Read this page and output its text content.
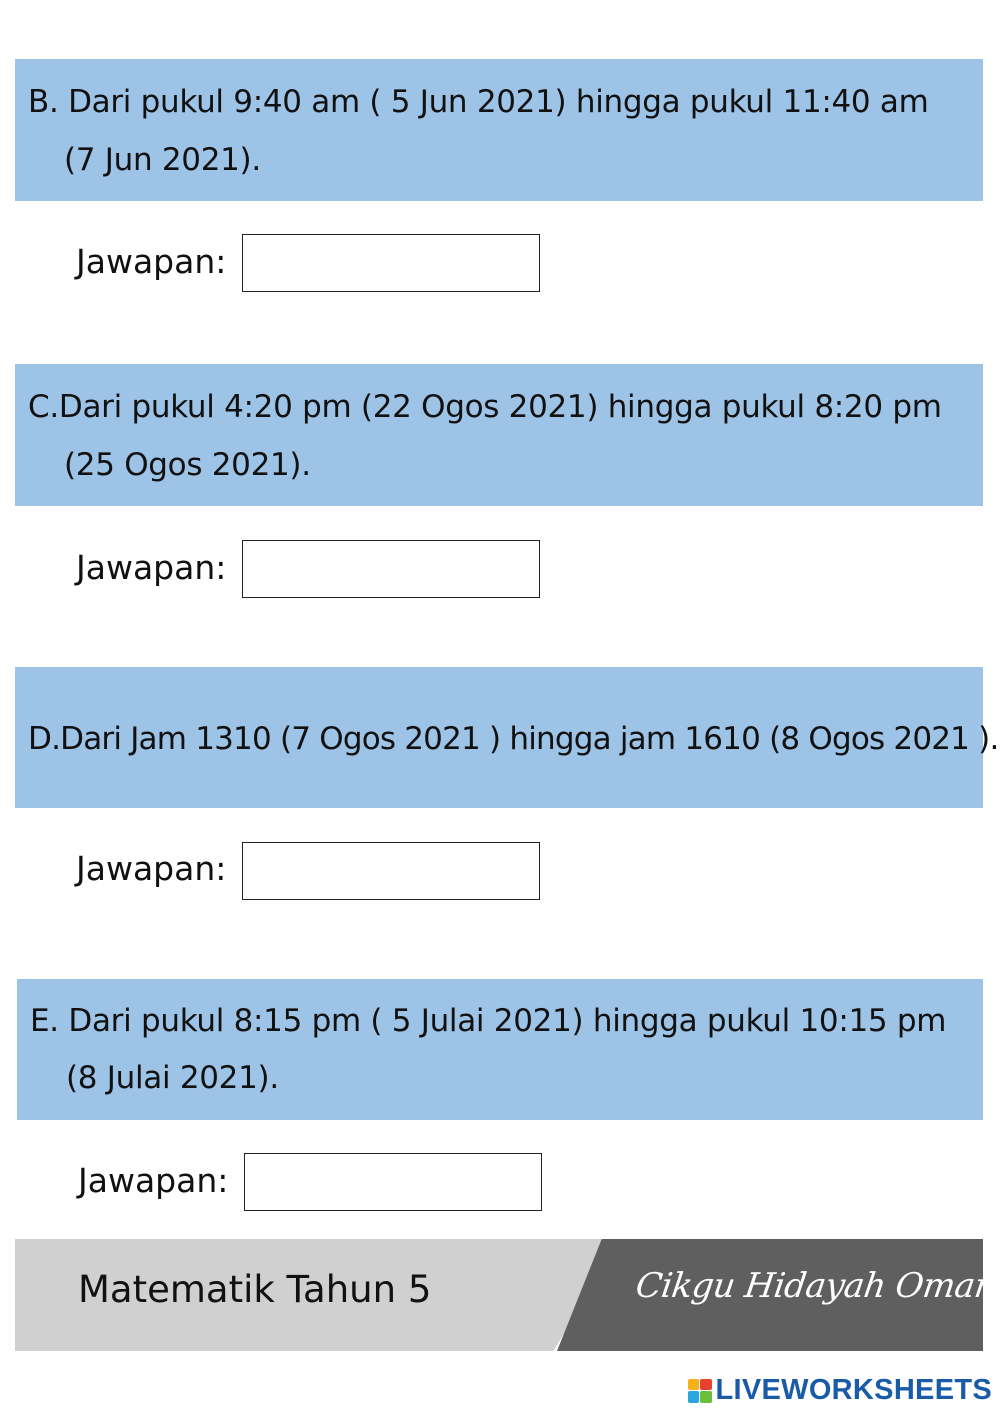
B. Dari pukul 9:40 am ( 5 Jun 2021) hingga pukul 11:40 am
(7 Jun 2021).
Jawapan:
C.Dari pukul 4:20 pm (22 Ogos 2021) hingga pukul 8:20 pm
(25 Ogos 2021).
Jawapan:
D.Dari Jam 1310 (7 Ogos 2021 ) hingga jam 1610 (8 Ogos 2021 ).
Jawapan:
E. Dari pukul 8:15 pm ( 5 Julai 2021) hingga pukul 10:15 pm
(8 Julai 2021).
Jawapan:
Matematik Tahun 5	Cikgu Hidayah Omar
LIVEWORKSHEETS
